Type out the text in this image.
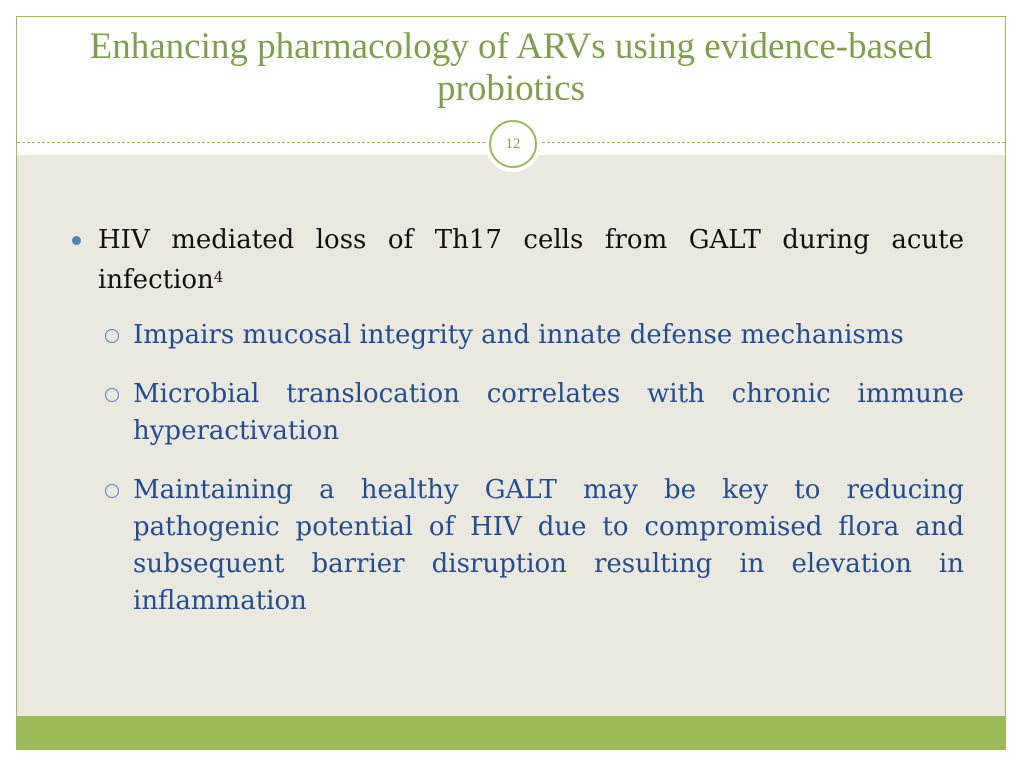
Enhancing pharmacology of ARVs using evidence-based probiotics
12
HIV mediated loss of Th17 cells from GALT during acute infection$^4$
Impairs mucosal integrity and innate defense mechanisms
Microbial translocation correlates with chronic immune hyperactivation
Maintaining a healthy GALT may be key to reducing pathogenic potential of HIV due to compromised flora and subsequent barrier disruption resulting in elevation in inflammation
